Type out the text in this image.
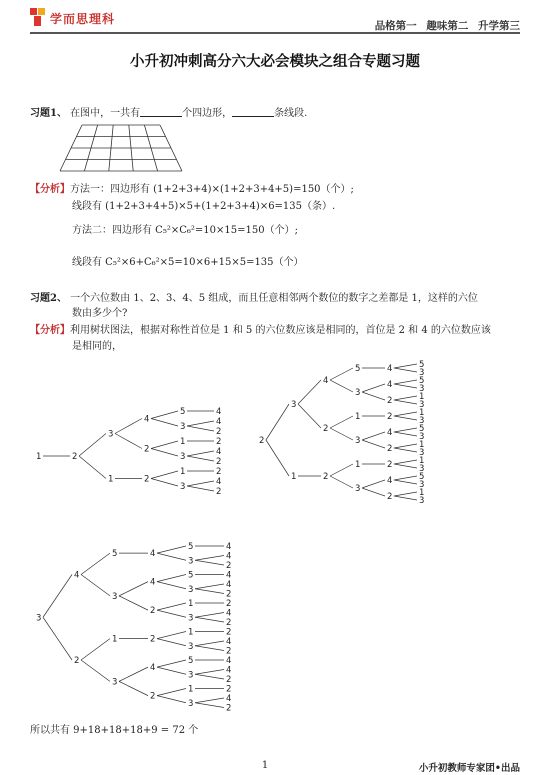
学而思理科	品格第一 趣味第二 升学第三
小升初冲刺高分六大必会模块之组合专题习题
习题1、 在图中，一共有	个四边形，	条线段.
【分析】方法一：四边形有 (1+2+3+4)×(1+2+3+4+5)=150（个）;
线段有 (1+2+3+4+5)×5+(1+2+3+4)×6=135（条）.
方法二：四边形有 C₅²×C₆²=10×15=150（个）;
线段有 C₅²×6+C₆²×5=10×6+15×5=135（个）
习题2、 一个六位数由 1、2、3、4、5 组成，而且任意相邻两个数位的数字之差都是 1，这样的六位
数由多少个?
【分析】利用树状图法，根据对称性首位是 1 和 5 的六位数应该是相同的，首位是 2 和 4 的六位数应该
是相同的，
4
5
4
2
3
4
2
1
4
2
3
2
3
2
1
4
2
3
2
1
2
1
5
3
4
5
5
3
4
1
3
2
3
4
1
3
2
1
5
3
4
1
3
2
3
2
3
1
3
2
1
5
3
4
1
3
2
3
2
1
2
4
5
4
2
3
4
5
4
5
4
2
3
4
2
1
4
2
3
2
3
4
2
1
4
2
3
2
1
4
5
4
2
3
4
2
1
4
2
3
2
3
2
3
所以共有 9+18+18+18+9 = 72 个
1	小升初教师专家团•出品
